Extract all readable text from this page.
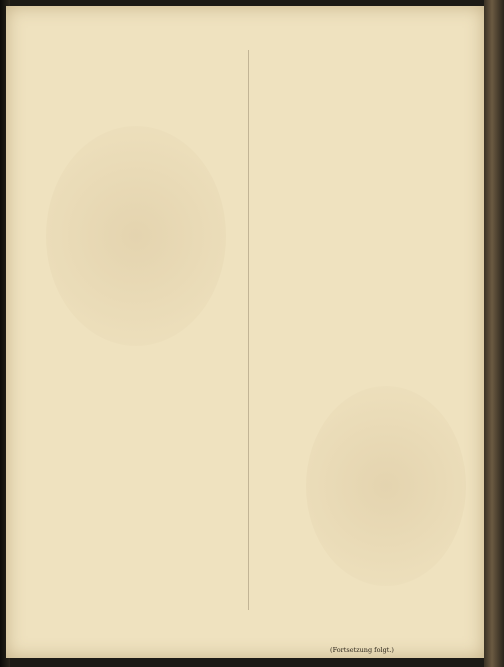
(Fortsetzung folgt.)
